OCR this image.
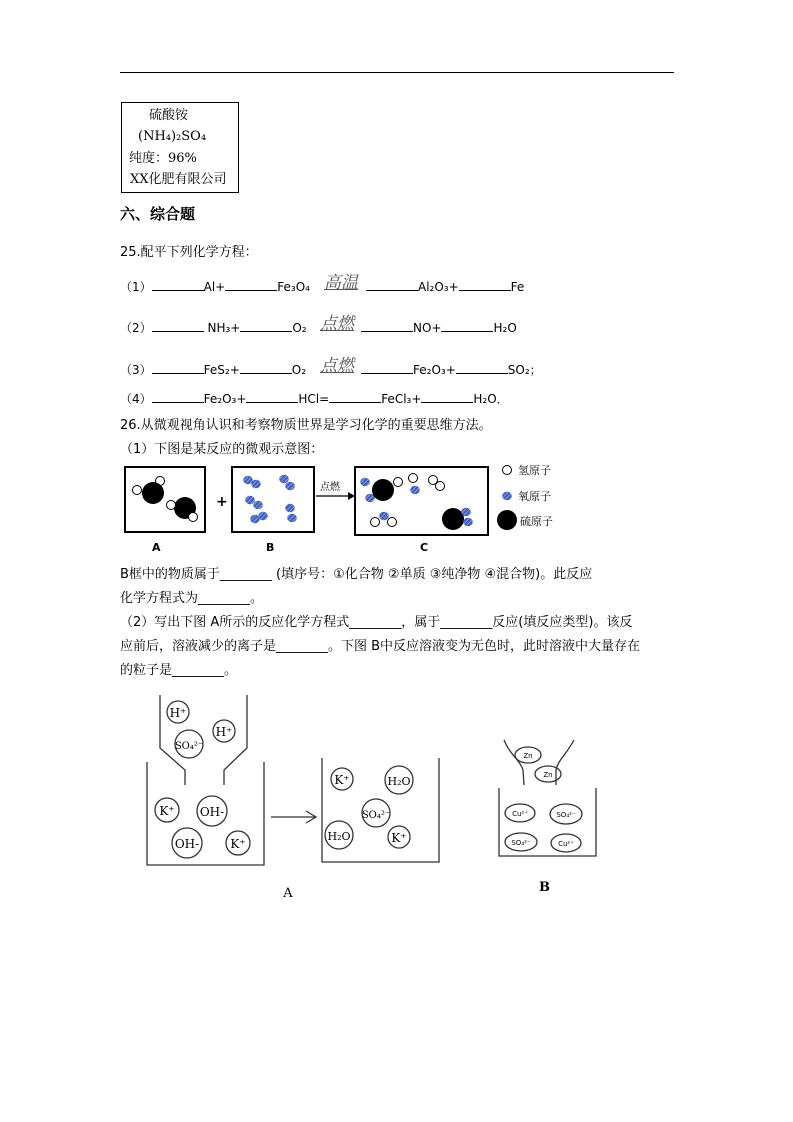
硫酸铵
(NH₄)₂SO₄
纯度：96%
XX化肥有限公司
六、综合题
25.配平下列化学方程：
（1）	Al+	Fe₃O₄ 高温	Al₂O₃+	Fe
（2）	NH₃+	O₂ 点燃	NO+	H₂O
（3）	FeS₂+	O₂ 点燃	Fe₂O₃+	SO₂；
（4）	Fe₂O₃+	HCl=	FeCl₃+	H₂O．
26.从微观视角认识和考察物质世界是学习化学的重要思维方法。
（1）下图是某反应的微观示意图：
+
点燃
A	B	C
氢原子
氧原子
硫原子
B框中的物质属于________ (填序号：①化合物 ②单质 ③纯净物 ④混合物)。此反应
化学方程式为________。
（2）写出下图 A所示的反应化学方程式________，属于________反应(填反应类型)。该反
应前后，溶液减少的离子是________。下图 B中反应溶液变为无色时，此时溶液中大量存在
的粒子是________。
H⁺
H⁺
SO₄²⁻
K⁺ OH-
OH-	K⁺
K⁺	H₂O
SO₄²⁻
H₂O	K⁺
A
Zn
Zn
Cu²⁺	SO₄²⁻
SO₄²⁻	Cu²⁺
B
